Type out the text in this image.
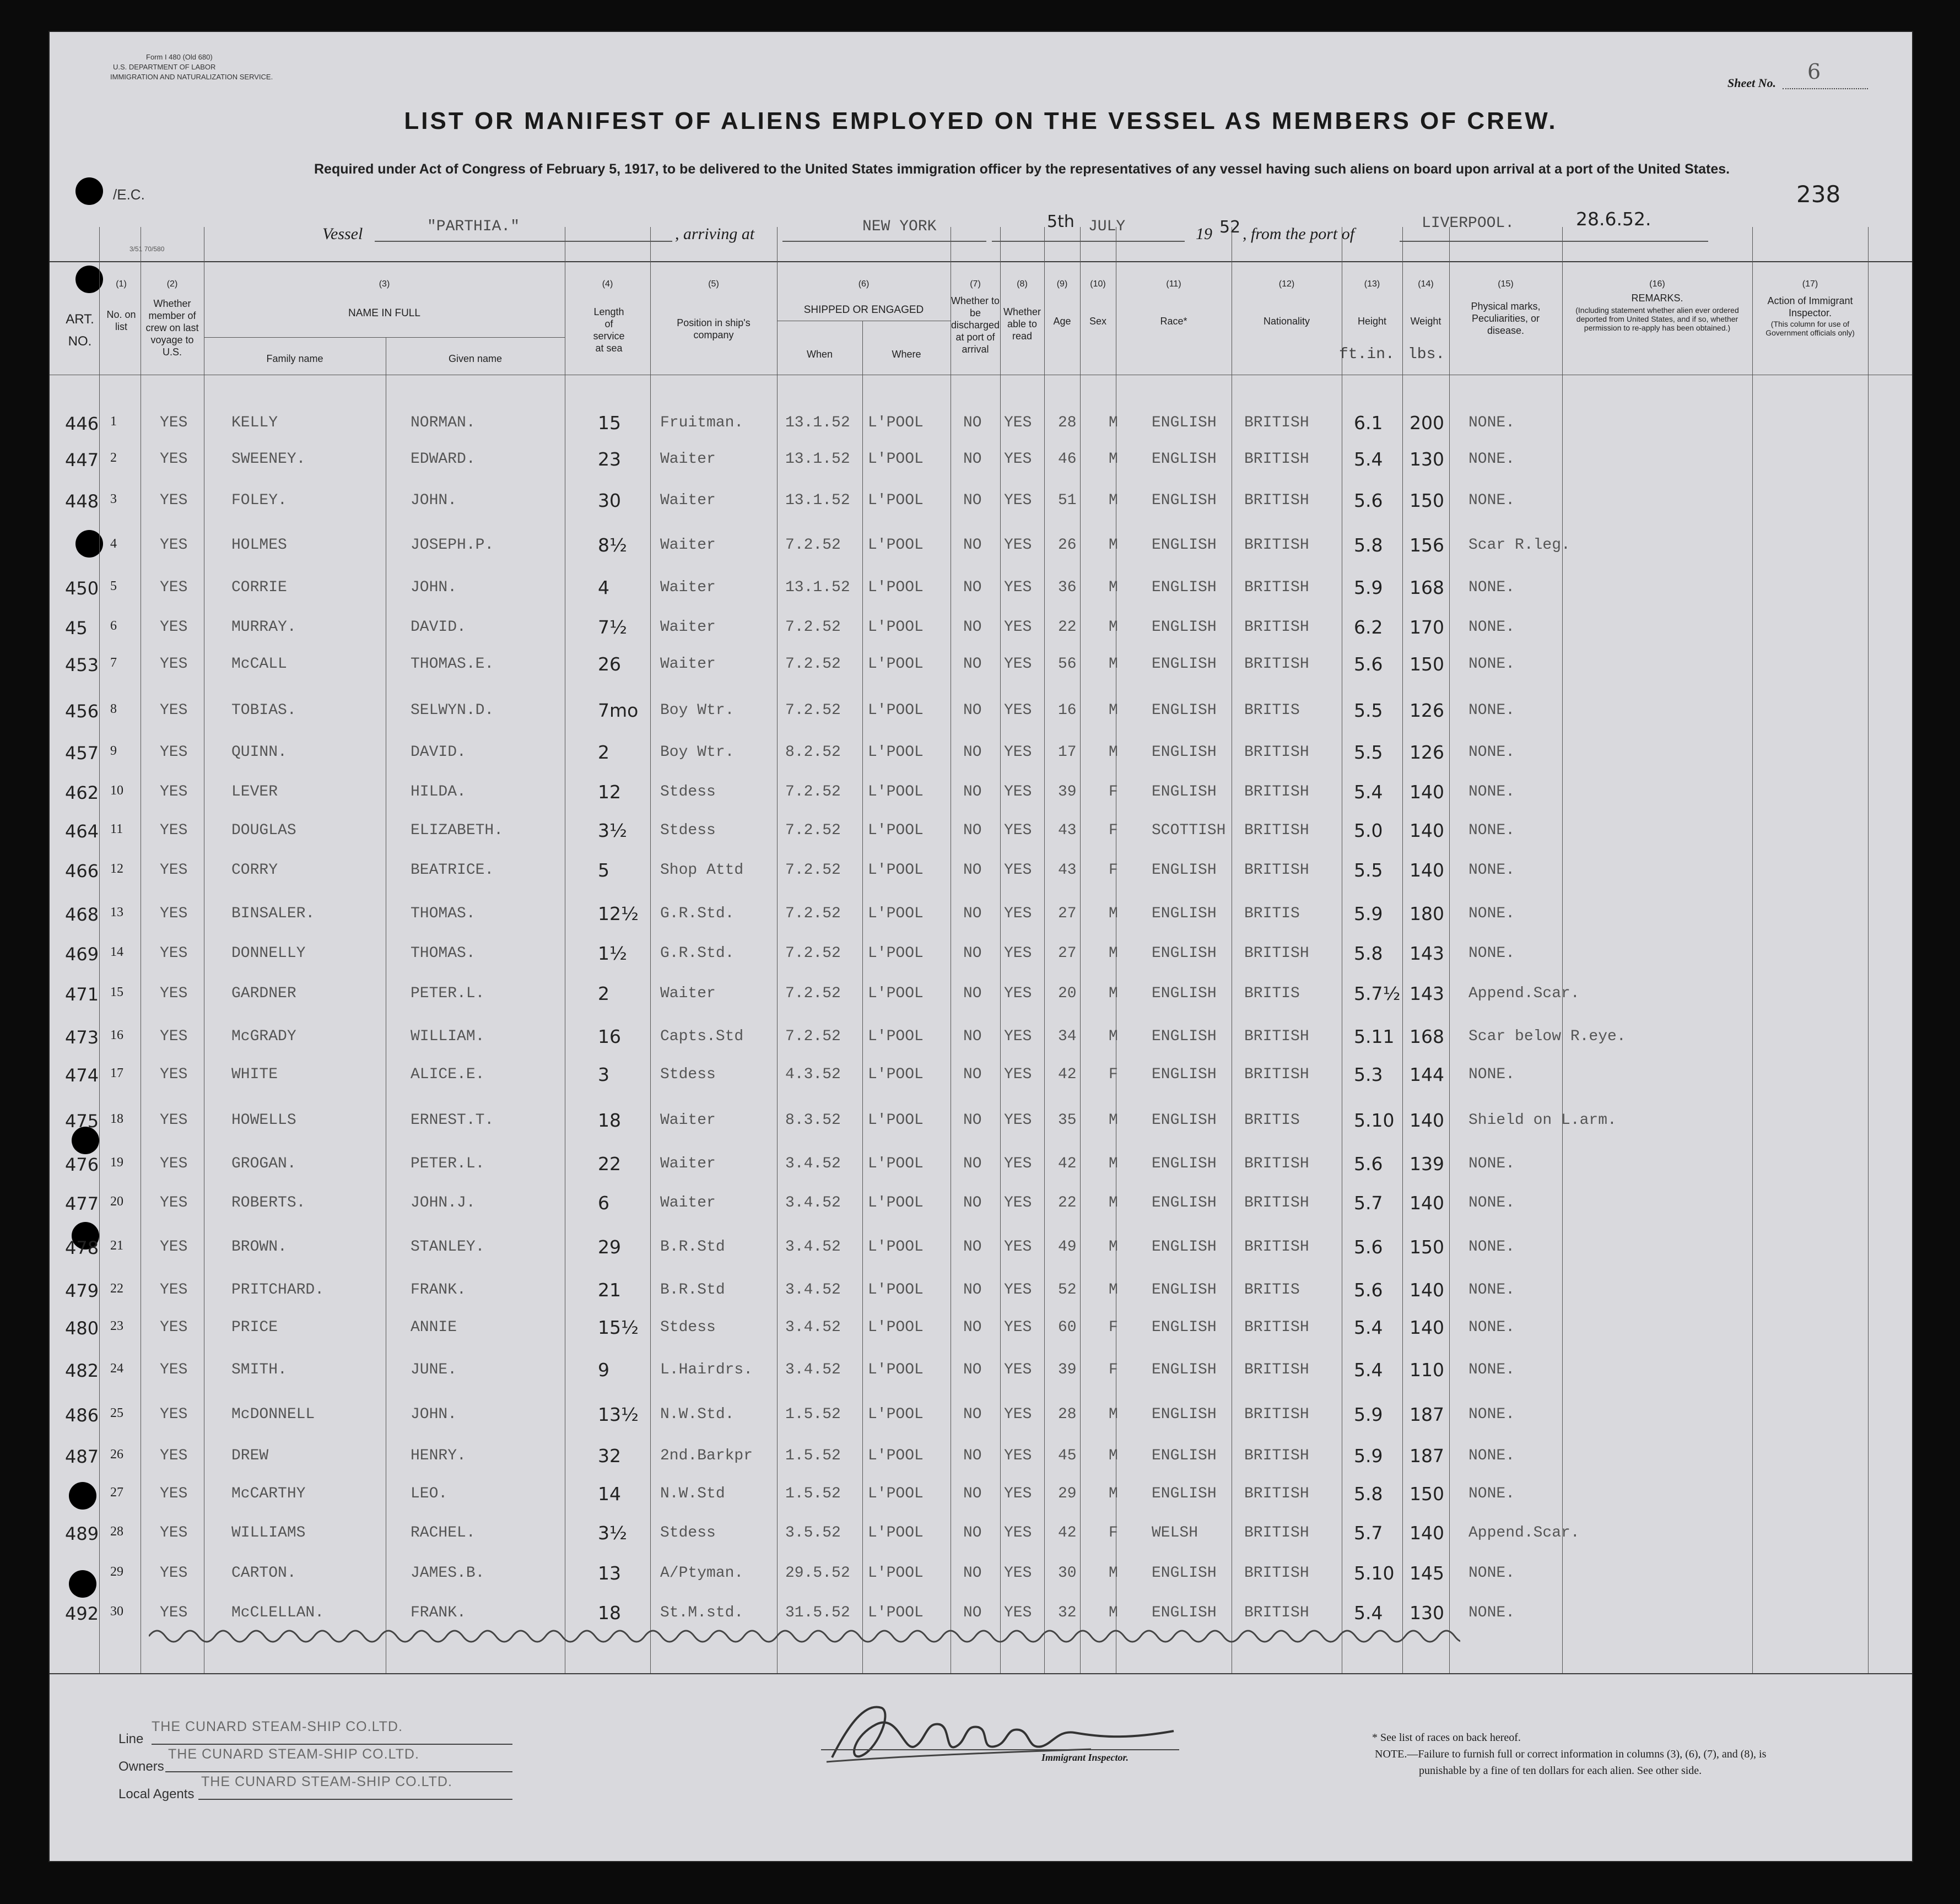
Form I 480 (Old 680)
U.S. DEPARTMENT OF LABOR
IMMIGRATION AND NATURALIZATION SERVICE.
/E.C.
3/51 70/580
Sheet No. 6
LIST OR MANIFEST OF ALIENS EMPLOYED ON THE VESSEL AS MEMBERS OF CREW.
Required under Act of Congress of February 5, 1917, to be delivered to the United States immigration officer by the representatives of any vessel having such aliens on board upon arrival at a port of the United States.
238
Vessel	"PARTHIA."	, arriving at	NEW YORK	5th JULY	19 52 , from the port of
LIVERPOOL.	28.6.52.
(1)
No. on list
ART. NO.
(2)
Whether member of crew on last voyage to U.S.
(3)
NAME IN FULL
Family name	Given name
(4)
Length of service at sea
(5)
Position in ship's company
(6)
SHIPPED OR ENGAGED
When	Where
(7)
Whether to be discharged at port of arrival
(8)
Whether able to read
(9)
Age
(10)
Sex
(11)
Race*
(12)
Nationality
(13)
Height
(14)
Weight
ft.in. lbs.
(15)
Physical marks, Peculiarities, or disease.
(16)
REMARKS.
(Including statement whether alien ever ordered deported from United States, and if so, whether permission to re-apply has been obtained.)
(17)
Action of Immigrant Inspector.
(This column for use of Government officials only)
446 1	YES	KELLY	NORMAN.	15	Fruitman.	13.1.52 L'POOL	NO YES 28 M ENGLISH BRITISH 6.1 200 NONE.
447 2	YES	SWEENEY.	EDWARD.	23	Waiter	13.1.52 L'POOL	NO YES 46 M ENGLISH BRITISH 5.4 130 NONE.
448 3	YES	FOLEY.	JOHN.	30	Waiter	13.1.52 L'POOL	NO YES 51 M ENGLISH BRITISH 5.6 150 NONE.
4	YES	HOLMES	JOSEPH.P.	8½ Waiter	7.2.52 L'POOL	NO YES 26 M ENGLISH BRITISH 5.8 156 Scar R.leg.
450 5	YES	CORRIE	JOHN.	4	Waiter	13.1.52 L'POOL	NO YES 36 M ENGLISH BRITISH 5.9 168 NONE.
45 6	YES	MURRAY.	DAVID.	7½ Waiter	7.2.52 L'POOL	NO YES 22 M ENGLISH BRITISH 6.2 170 NONE.
453 7	YES	McCALL	THOMAS.E.	26	Waiter	7.2.52 L'POOL	NO YES 56 M ENGLISH BRITISH 5.6 150 NONE.
456 8	YES	TOBIAS.	SELWYN.D.	7mo Boy Wtr.	7.2.52 L'POOL	NO YES 16 M ENGLISH BRITIS	5.5 126 NONE.
457 9	YES	QUINN.	DAVID.	2	Boy Wtr.	8.2.52 L'POOL	NO YES 17 M ENGLISH BRITISH 5.5 126 NONE.
462 10 YES	LEVER	HILDA.	12	Stdess	7.2.52 L'POOL	NO YES 39 F ENGLISH BRITISH 5.4 140 NONE.
464 11 YES	DOUGLAS	ELIZABETH.	3½ Stdess	7.2.52 L'POOL	NO YES 43 F SCOTTISH BRITISH 5.0 140 NONE.
466 12 YES	CORRY	BEATRICE.	5	Shop Attd	7.2.52 L'POOL	NO YES 43 F ENGLISH BRITISH 5.5 140 NONE.
468 13 YES	BINSALER.	THOMAS.	12½ G.R.Std.	7.2.52 L'POOL	NO YES 27 M ENGLISH BRITIS	5.9 180 NONE.
469 14 YES	DONNELLY	THOMAS.	1½ G.R.Std.	7.2.52 L'POOL	NO YES 27 M ENGLISH BRITISH 5.8 143 NONE.
471 15 YES	GARDNER	PETER.L.	2	Waiter	7.2.52 L'POOL	NO YES 20 M ENGLISH BRITIS	5.7½ 143 Append.Scar.
473 16 YES	McGRADY	WILLIAM.	16	Capts.Std	7.2.52 L'POOL	NO YES 34 M ENGLISH BRITISH 5.11 168 Scar below R.eye.
474 17 YES	WHITE	ALICE.E.	3	Stdess	4.3.52 L'POOL	NO YES 42 F ENGLISH BRITISH 5.3 144 NONE.
475 18 YES	HOWELLS	ERNEST.T.	18	Waiter	8.3.52 L'POOL	NO YES 35 M ENGLISH BRITIS	5.10 140 Shield on L.arm.
476 19 YES	GROGAN.	PETER.L.	22	Waiter	3.4.52 L'POOL	NO YES 42 M ENGLISH BRITISH 5.6 139 NONE.
477 20 YES	ROBERTS.	JOHN.J.	6	Waiter	3.4.52 L'POOL	NO YES 22 M ENGLISH BRITISH 5.7 140 NONE.
478 21 YES	BROWN.	STANLEY.	29	B.R.Std	3.4.52 L'POOL	NO YES 49 M ENGLISH BRITISH 5.6 150 NONE.
479 22 YES	PRITCHARD.	FRANK.	21	B.R.Std	3.4.52 L'POOL	NO YES 52 M ENGLISH BRITIS	5.6 140 NONE.
480 23 YES	PRICE	ANNIE	15½ Stdess	3.4.52 L'POOL	NO YES 60 F ENGLISH BRITISH 5.4 140 NONE.
482 24 YES	SMITH.	JUNE.	9	L.Hairdrs. 3.4.52 L'POOL	NO YES 39 F ENGLISH BRITISH 5.4 110 NONE.
486 25 YES	McDONNELL	JOHN.	13½ N.W.Std.	1.5.52 L'POOL	NO YES 28 M ENGLISH BRITISH 5.9 187 NONE.
487 26 YES	DREW	HENRY.	32	2nd.Barkpr 1.5.52 L'POOL	NO YES 45 M ENGLISH BRITISH 5.9 187 NONE.
27 YES	McCARTHY	LEO.	14	N.W.Std	1.5.52 L'POOL	NO YES 29 M ENGLISH BRITISH 5.8 150 NONE.
489 28 YES	WILLIAMS	RACHEL.	3½ Stdess	3.5.52 L'POOL	NO YES 42 F WELSH	BRITISH 5.7 140 Append.Scar.
29 YES	CARTON.	JAMES.B.	13	A/Ptyman.	29.5.52 L'POOL	NO YES 30 M ENGLISH BRITISH 5.10 145 NONE.
492 30 YES	McCLELLAN.	FRANK.	18	St.M.std.	31.5.52 L'POOL	NO YES 32 M ENGLISH BRITISH 5.4 130 NONE.
Line
THE CUNARD STEAM-SHIP CO.LTD.
Owners
THE CUNARD STEAM-SHIP CO.LTD.
Local Agents
THE CUNARD STEAM-SHIP CO.LTD.
Immigrant Inspector.
* See list of races on back hereof.
NOTE.—Failure to furnish full or correct information in columns (3), (6), (7), and (8), is
punishable by a fine of ten dollars for each alien. See other side.
